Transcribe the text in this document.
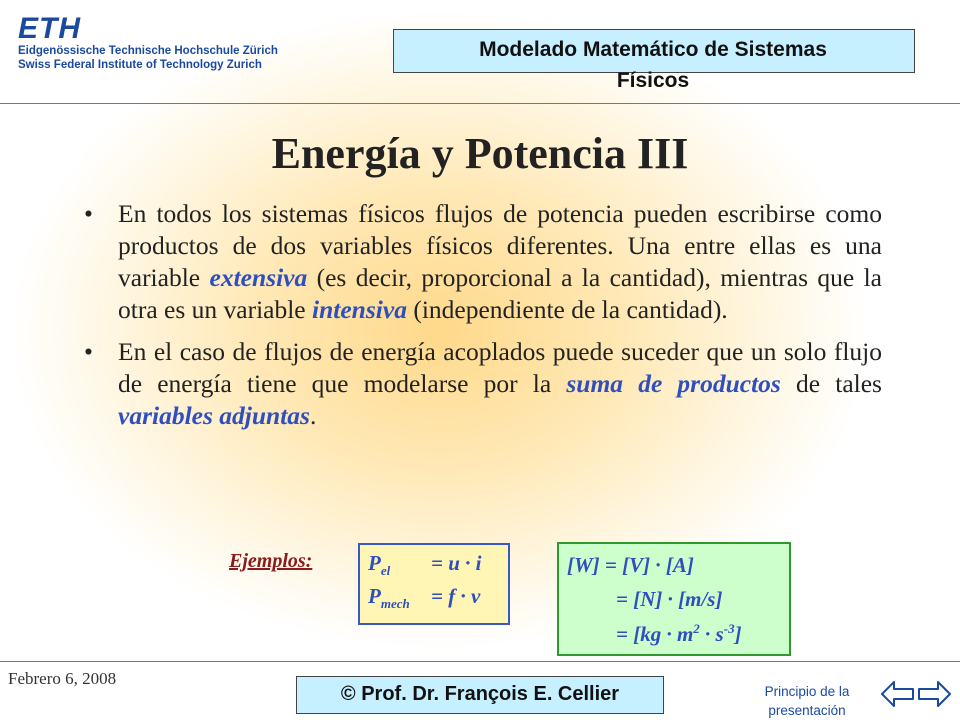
ETH
Eidgenössische Technische Hochschule Zürich
Swiss Federal Institute of Technology Zurich
Modelado Matemático de Sistemas
Físicos
Energía y Potencia III
• En todos los sistemas físicos flujos de potencia pueden escribirse como productos de dos variables físicos diferentes. Una entre ellas es una variable extensiva (es decir, proporcional a la cantidad), mientras que la otra es un variable intensiva (independiente de la cantidad).
• En el caso de flujos de energía acoplados puede suceder que un solo flujo de energía tiene que modelarse por la suma de productos de tales variables adjuntas.
Ejemplos:	$P_{el} = u \cdot i$
$P_{mech} = f \cdot v$
[W] = [V] · [A]
= [N] · [m/s]
= $[kg \cdot m^2 \cdot s^{-3}]$
Febrero 6, 2008
© Prof. Dr. François E. Cellier	Principio de la
presentación
